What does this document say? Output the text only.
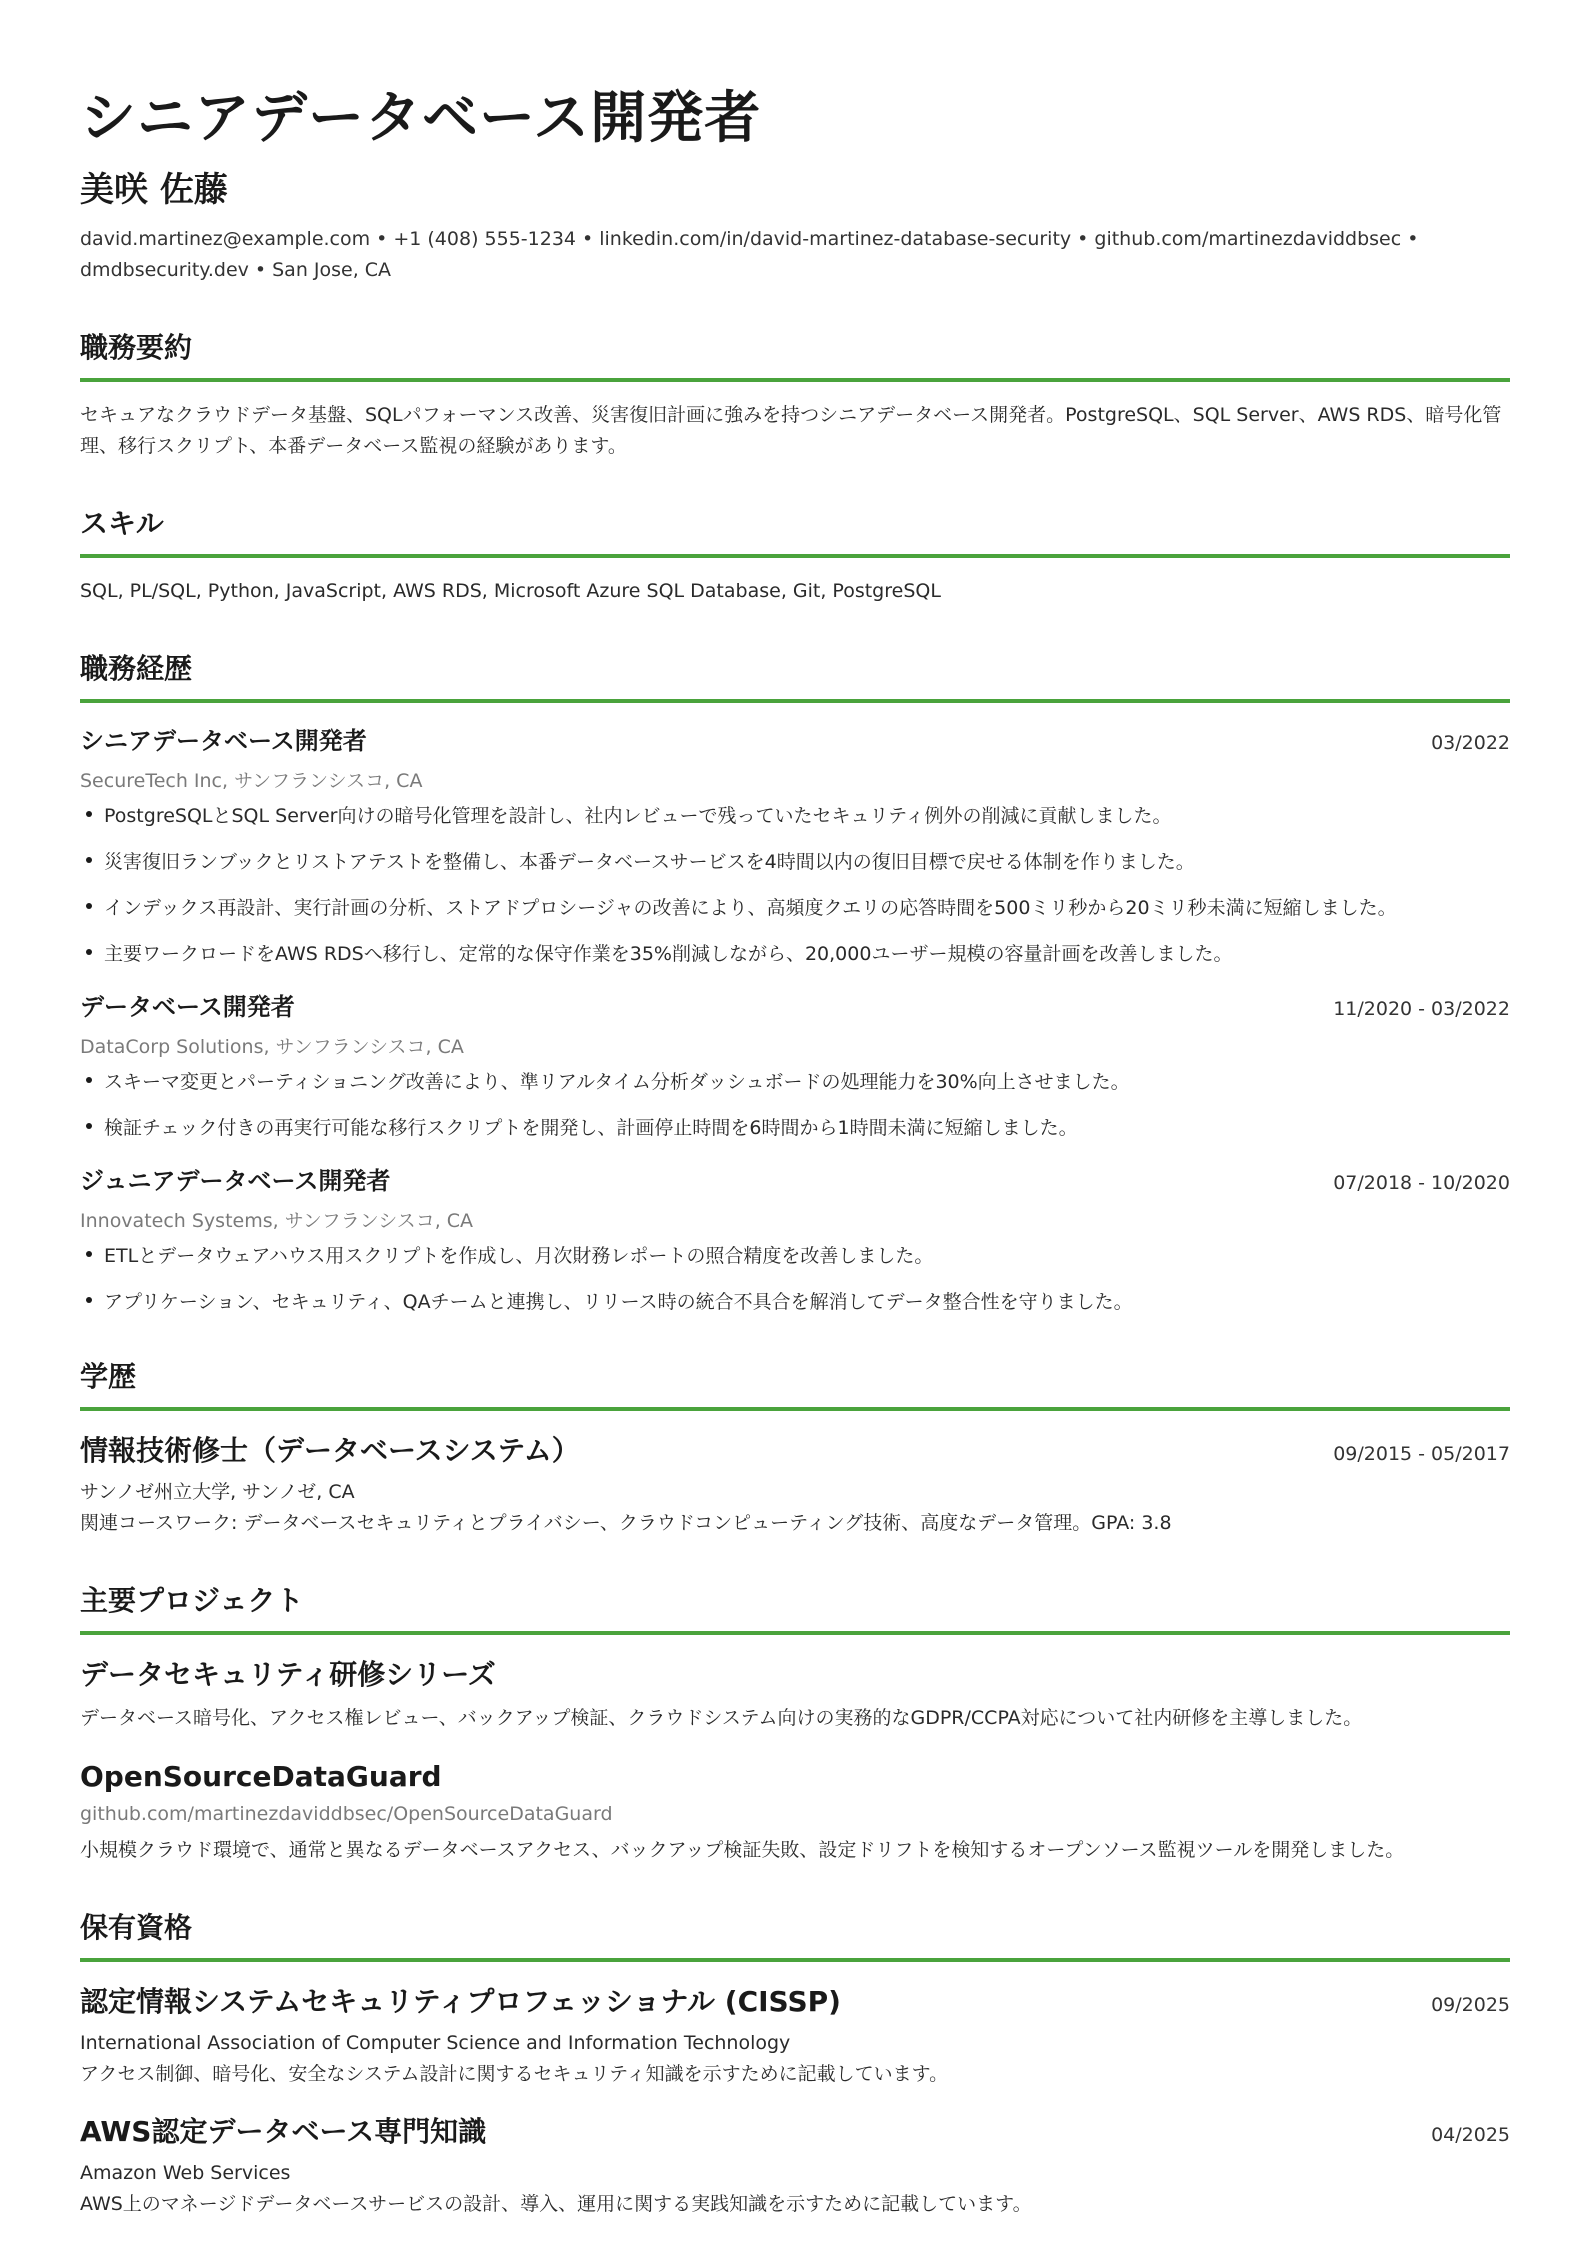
シニアデータベース開発者
美咲 佐藤
david.martinez@example.com • +1 (408) 555-1234 • linkedin.com/in/david-martinez-database-security • github.com/martinezdaviddbsec •
dmdbsecurity.dev • San Jose, CA
職務要約
セキュアなクラウドデータ基盤、SQLパフォーマンス改善、災害復旧計画に強みを持つシニアデータベース開発者。PostgreSQL、SQL Server、AWS RDS、暗号化管理、移行スクリプト、本番データベース監視の経験があります。
スキル
SQL, PL/SQL, Python, JavaScript, AWS RDS, Microsoft Azure SQL Database, Git, PostgreSQL
職務経歴
シニアデータベース開発者	03/2022
SecureTech Inc, サンフランシスコ, CA
PostgreSQLとSQL Server向けの暗号化管理を設計し、社内レビューで残っていたセキュリティ例外の削減に貢献しました。
災害復旧ランブックとリストアテストを整備し、本番データベースサービスを4時間以内の復旧目標で戻せる体制を作りました。
インデックス再設計、実行計画の分析、ストアドプロシージャの改善により、高頻度クエリの応答時間を500ミリ秒から20ミリ秒未満に短縮しました。
主要ワークロードをAWS RDSへ移行し、定常的な保守作業を35%削減しながら、20,000ユーザー規模の容量計画を改善しました。
データベース開発者	11/2020 - 03/2022
DataCorp Solutions, サンフランシスコ, CA
スキーマ変更とパーティショニング改善により、準リアルタイム分析ダッシュボードの処理能力を30%向上させました。
検証チェック付きの再実行可能な移行スクリプトを開発し、計画停止時間を6時間から1時間未満に短縮しました。
ジュニアデータベース開発者	07/2018 - 10/2020
Innovatech Systems, サンフランシスコ, CA
ETLとデータウェアハウス用スクリプトを作成し、月次財務レポートの照合精度を改善しました。
アプリケーション、セキュリティ、QAチームと連携し、リリース時の統合不具合を解消してデータ整合性を守りました。
学歴
情報技術修士（データベースシステム）	09/2015 - 05/2017
サンノゼ州立大学, サンノゼ, CA
関連コースワーク: データベースセキュリティとプライバシー、クラウドコンピューティング技術、高度なデータ管理。GPA: 3.8
主要プロジェクト
データセキュリティ研修シリーズ
データベース暗号化、アクセス権レビュー、バックアップ検証、クラウドシステム向けの実務的なGDPR/CCPA対応について社内研修を主導しました。
OpenSourceDataGuard
github.com/martinezdaviddbsec/OpenSourceDataGuard
小規模クラウド環境で、通常と異なるデータベースアクセス、バックアップ検証失敗、設定ドリフトを検知するオープンソース監視ツールを開発しました。
保有資格
認定情報システムセキュリティプロフェッショナル (CISSP)	09/2025
International Association of Computer Science and Information Technology
アクセス制御、暗号化、安全なシステム設計に関するセキュリティ知識を示すために記載しています。
AWS認定データベース専門知識	04/2025
Amazon Web Services
AWS上のマネージドデータベースサービスの設計、導入、運用に関する実践知識を示すために記載しています。
